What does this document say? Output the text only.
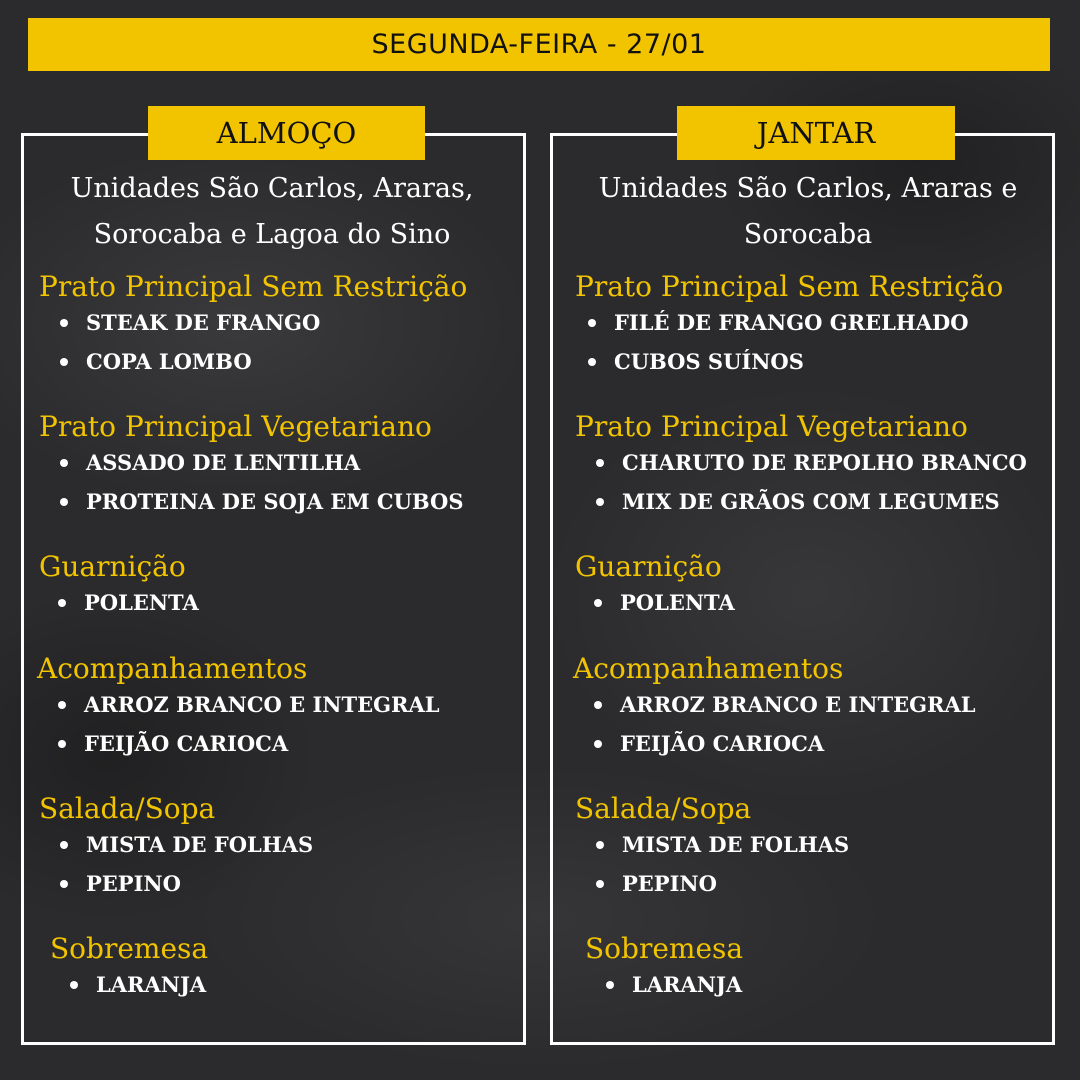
SEGUNDA-FEIRA - 27/01
ALMOÇO	JANTAR
Unidades São Carlos, Araras,
Sorocaba e Lagoa do Sino
Unidades São Carlos, Araras e
Sorocaba
Prato Principal Sem Restrição
STEAK DE FRANGO
COPA LOMBO
Prato Principal Vegetariano
ASSADO DE LENTILHA
PROTEINA DE SOJA EM CUBOS
Guarnição
POLENTA
Acompanhamentos
ARROZ BRANCO E INTEGRAL
FEIJÃO CARIOCA
Salada/Sopa
MISTA DE FOLHAS
PEPINO
Sobremesa
LARANJA
Prato Principal Sem Restrição
FILÉ DE FRANGO GRELHADO
CUBOS SUÍNOS
Prato Principal Vegetariano
CHARUTO DE REPOLHO BRANCO
MIX DE GRÃOS COM LEGUMES
Guarnição
POLENTA
Acompanhamentos
ARROZ BRANCO E INTEGRAL
FEIJÃO CARIOCA
Salada/Sopa
MISTA DE FOLHAS
PEPINO
Sobremesa
LARANJA
